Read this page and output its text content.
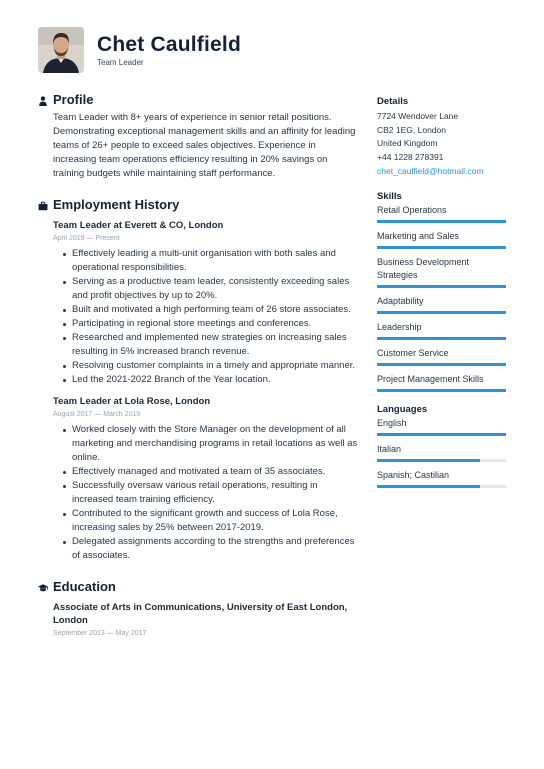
Chet Caulfield
Team Leader
Profile

Team Leader with 8+ years of experience in senior retail positions. Demonstrating exceptional management skills and an affinity for leading teams of 26+ people to exceed sales objectives. Experience in increasing team operations efficiency resulting in 20% savings on training budgets while maintaining staff performance.

Employment History
Team Leader at Everett & CO, London
April 2019 — Present
Effectively leading a multi-unit organisation with both sales and operational responsibilities.
Serving as a productive team leader, consistently exceeding sales and profit objectives by up to 20%.
Built and motivated a high performing team of 26 store associates.
Participating in regional store meetings and conferences.
Researched and implemented new strategies on increasing sales resulting in 5% increased branch revenue.
Resolving customer complaints in a timely and appropriate manner.
Led the 2021-2022 Branch of the Year location.
Team Leader at Lola Rose, London
August 2017 — March 2019
Worked closely with the Store Manager on the development of all marketing and merchandising programs in retail locations as well as online.
Effectively managed and motivated a team of 35 associates.
Successfully oversaw various retail operations, resulting in increased team training efficiency.
Contributed to the significant growth and success of Lola Rose, increasing sales by 25% between 2017-2019.
Delegated assignments according to the strengths and preferences of associates.
Education
Associate of Arts in Communications, University of East London, London
September 2013 — May 2017
Details
7724 Wendover Lane
CB2 1EG, London
United Kingdom
+44 1228 278391
chet_caulfield@hotmail.com
Skills
Retail Operations
Marketing and Sales
Business Development Strategies
Adaptability
Leadership
Customer Service
Project Management Skills
Languages
English
Italian
Spanish; Castilian
